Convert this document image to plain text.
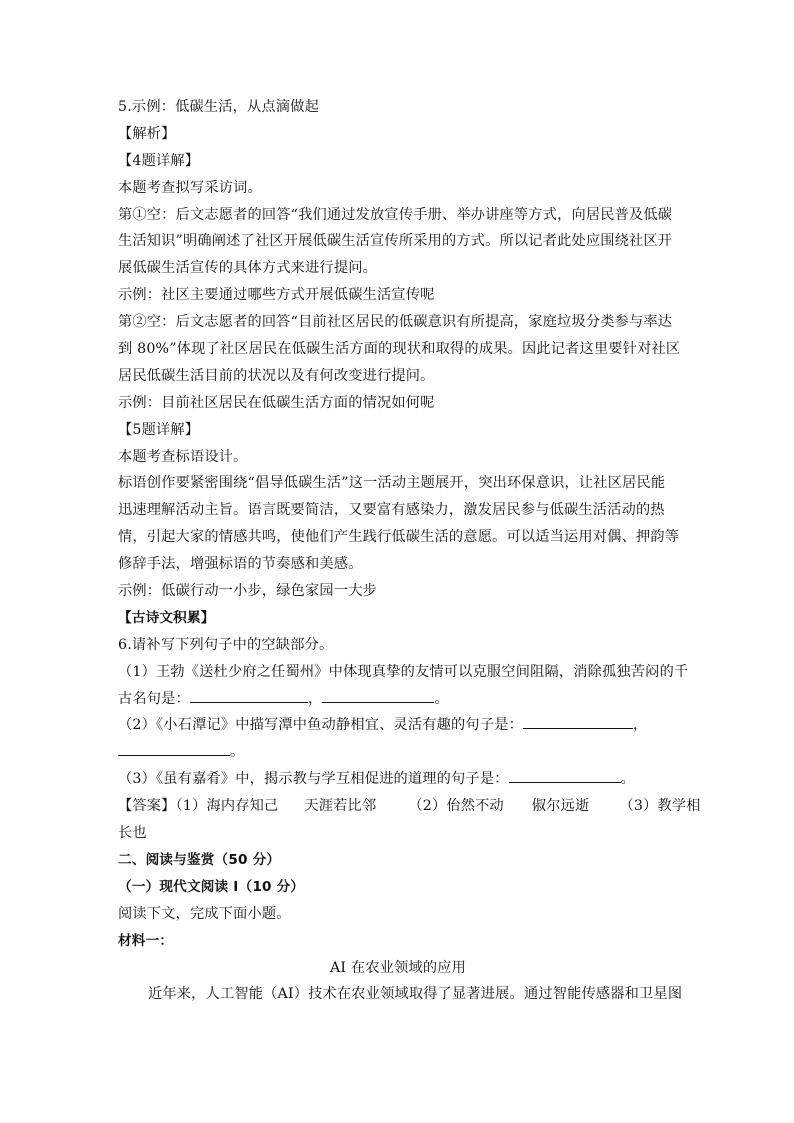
5.示例：低碳生活，从点滴做起
【解析】
【4题详解】
本题考查拟写采访词。
第①空：后文志愿者的回答“我们通过发放宣传手册、举办讲座等方式，向居民普及低碳
生活知识”明确阐述了社区开展低碳生活宣传所采用的方式。所以记者此处应围绕社区开
展低碳生活宣传的具体方式来进行提问。
示例：社区主要通过哪些方式开展低碳生活宣传呢
第②空：后文志愿者的回答“目前社区居民的低碳意识有所提高，家庭垃圾分类参与率达
到 80%”体现了社区居民在低碳生活方面的现状和取得的成果。因此记者这里要针对社区
居民低碳生活目前的状况以及有何改变进行提问。
示例：目前社区居民在低碳生活方面的情况如何呢
【5题详解】
本题考查标语设计。
标语创作要紧密围绕“倡导低碳生活”这一活动主题展开，突出环保意识，让社区居民能
迅速理解活动主旨。语言既要简洁，又要富有感染力，激发居民参与低碳生活活动的热
情，引起大家的情感共鸣，使他们产生践行低碳生活的意愿。可以适当运用对偶、押韵等
修辞手法，增强标语的节奏感和美感。
示例：低碳行动一小步，绿色家园一大步
【古诗文积累】
6.请补写下列句子中的空缺部分。
（1）王勃《送杜少府之任蜀州》中体现真挚的友情可以克服空间阻隔，消除孤独苦闷的千
古名句是：	，	。
（2）《小石潭记》中描写潭中鱼动静相宜、灵活有趣的句子是：	，
。
（3）《虽有嘉肴》中，揭示教与学互相促进的道理的句子是：	。
【答案】（1）海内存知己 天涯若比邻 （2）佁然不动 俶尔远逝 （3）教学相
长也
二、阅读与鉴赏（50 分）
（一）现代文阅读 I（10 分）
阅读下文，完成下面小题。
材料一：
AI 在农业领域的应用
近年来，人工智能（AI）技术在农业领域取得了显著进展。通过智能传感器和卫星图
